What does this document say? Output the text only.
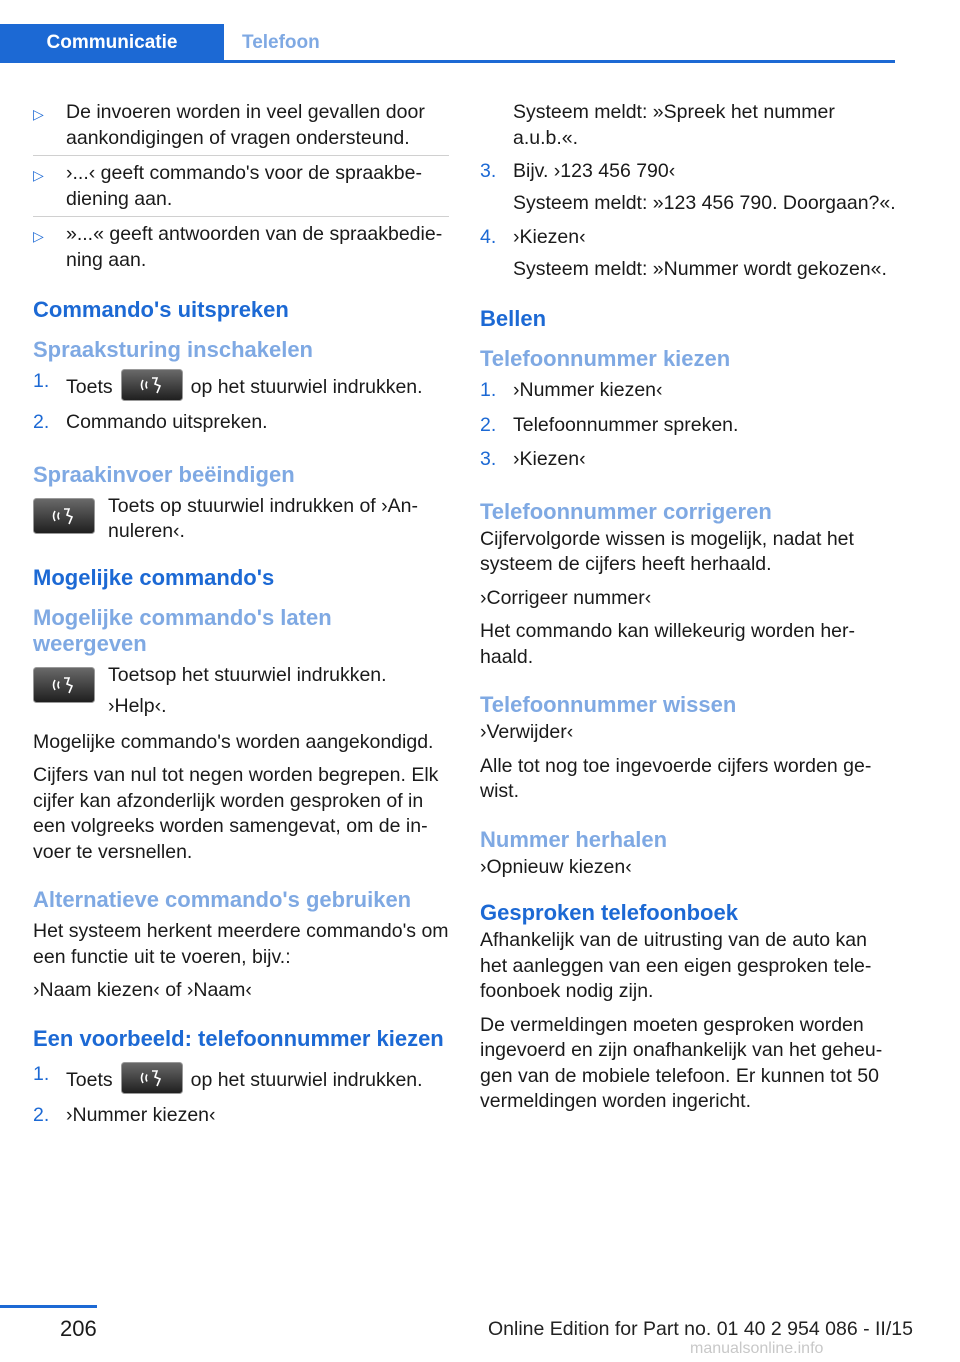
Communicatie	Telefoon
▷ De invoeren worden in veel gevallen door aankondigingen of vragen ondersteund.
▷ ›...‹ geeft commando's voor de spraakbediening aan.
▷ »...« geeft antwoorden van de spraakbediening aan.
Commando's uitspreken
Spraaksturing inschakelen
1. Toets	op het stuurwiel indrukken.
2. Commando uitspreken.
Spraakinvoer beëindigen

Toets op stuurwiel indrukken of ›Annuleren‹.

Mogelijke commando's
Mogelijke commando's laten weergeven

Toetsop het stuurwiel indrukken.

›Help‹.

Mogelijke commando's worden aangekondigd.

Cijfers van nul tot negen worden begrepen. Elk cijfer kan afzonderlijk worden gesproken of in een volgreeks worden samengevat, om de invoer te versnellen.

Alternatieve commando's gebruiken

Het systeem herkent meerdere commando's om een functie uit te voeren, bijv.:

›Naam kiezen‹ of ›Naam‹

Een voorbeeld: telefoonnummer kiezen
1. Toets	op het stuurwiel indrukken.
2. ›Nummer kiezen‹

Systeem meldt: »Spreek het nummer a.u.b.«.

3. Bijv. ›123 456 790‹
Systeem meldt: »123 456 790. Doorgaan?«.
4. ›Kiezen‹
Systeem meldt: »Nummer wordt gekozen«.
Bellen
Telefoonnummer kiezen
1. ›Nummer kiezen‹
2. Telefoonnummer spreken.
3. ›Kiezen‹
Telefoonnummer corrigeren

Cijfervolgorde wissen is mogelijk, nadat het systeem de cijfers heeft herhaald.

›Corrigeer nummer‹

Het commando kan willekeurig worden herhaald.

Telefoonnummer wissen

›Verwijder‹

Alle tot nog toe ingevoerde cijfers worden gewist.

Nummer herhalen

›Opnieuw kiezen‹

Gesproken telefoonboek

Afhankelijk van de uitrusting van de auto kan het aanleggen van een eigen gesproken telefoonboek nodig zijn.

De vermeldingen moeten gesproken worden ingevoerd en zijn onafhankelijk van het geheugen van de mobiele telefoon. Er kunnen tot 50 vermeldingen worden ingericht.

206	Online Edition for Part no. 01 40 2 954 086 - II/15
manualsonline.info
